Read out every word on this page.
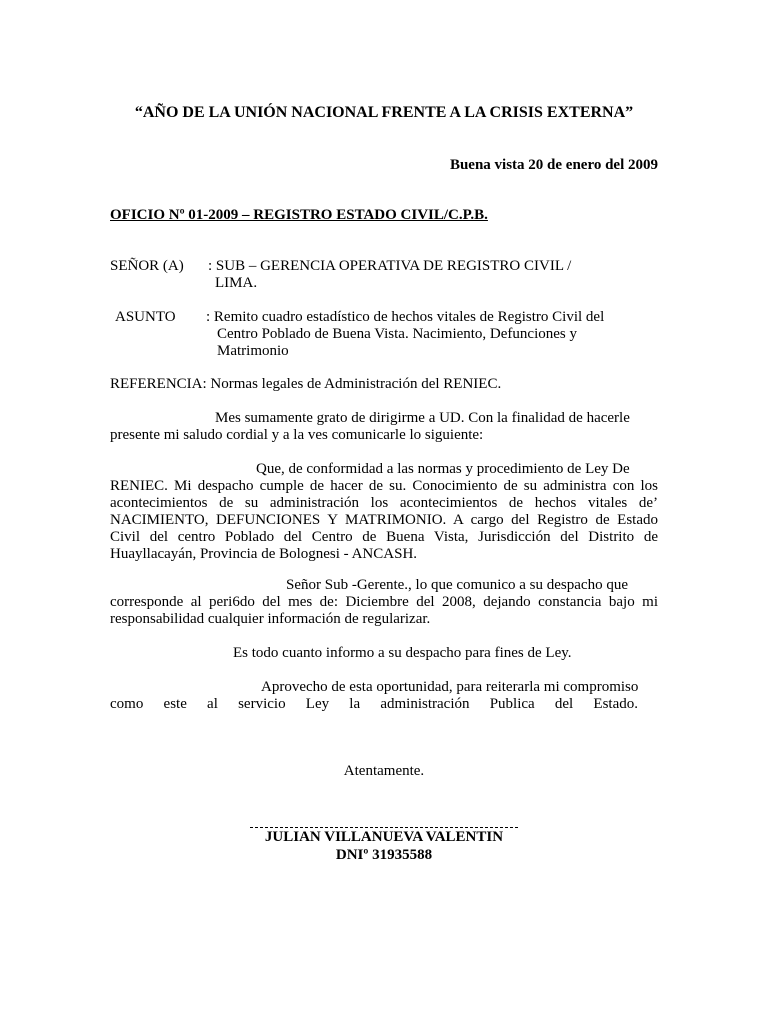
“AÑO DE LA UNIÓN NACIONAL FRENTE A LA CRISIS EXTERNA”
Buena vista 20 de enero del 2009
OFICIO Nº 01-2009 – REGISTRO ESTADO CIVIL/C.P.B.
SEÑOR (A) : SUB – GERENCIA OPERATIVA DE REGISTRO CIVIL /
LIMA.
ASUNTO : Remito cuadro estadístico de hechos vitales de Registro Civil del
Centro Poblado de Buena Vista. Nacimiento, Defunciones y
Matrimonio
REFERENCIA: Normas legales de Administración del RENIEC.
Mes sumamente grato de dirigirme a UD. Con la finalidad de hacerle
presente mi saludo cordial y a la ves comunicarle lo siguiente:
Que, de conformidad a las normas y procedimiento de Ley De
RENIEC. Mi despacho cumple de hacer de su. Conocimiento de su administra con los
acontecimientos de su administración los acontecimientos de hechos vitales de’
NACIMIENTO, DEFUNCIONES Y MATRIMONIO. A cargo del Registro de Estado
Civil del centro Poblado del Centro de Buena Vista, Jurisdicción del Distrito de
Huayllacayán, Provincia de Bolognesi - ANCASH.
Señor Sub -Gerente., lo que comunico a su despacho que
corresponde al peri6do del mes de: Diciembre del 2008, dejando constancia bajo mi
responsabilidad cualquier información de regularizar.
Es todo cuanto informo a su despacho para fines de Ley.
Aprovecho de esta oportunidad, para reiterarla mi compromiso
como este al servicio Ley la administración Publica del Estado.
Atentamente.
JULIAN VILLANUEVA VALENTIN
DNIº 31935588
